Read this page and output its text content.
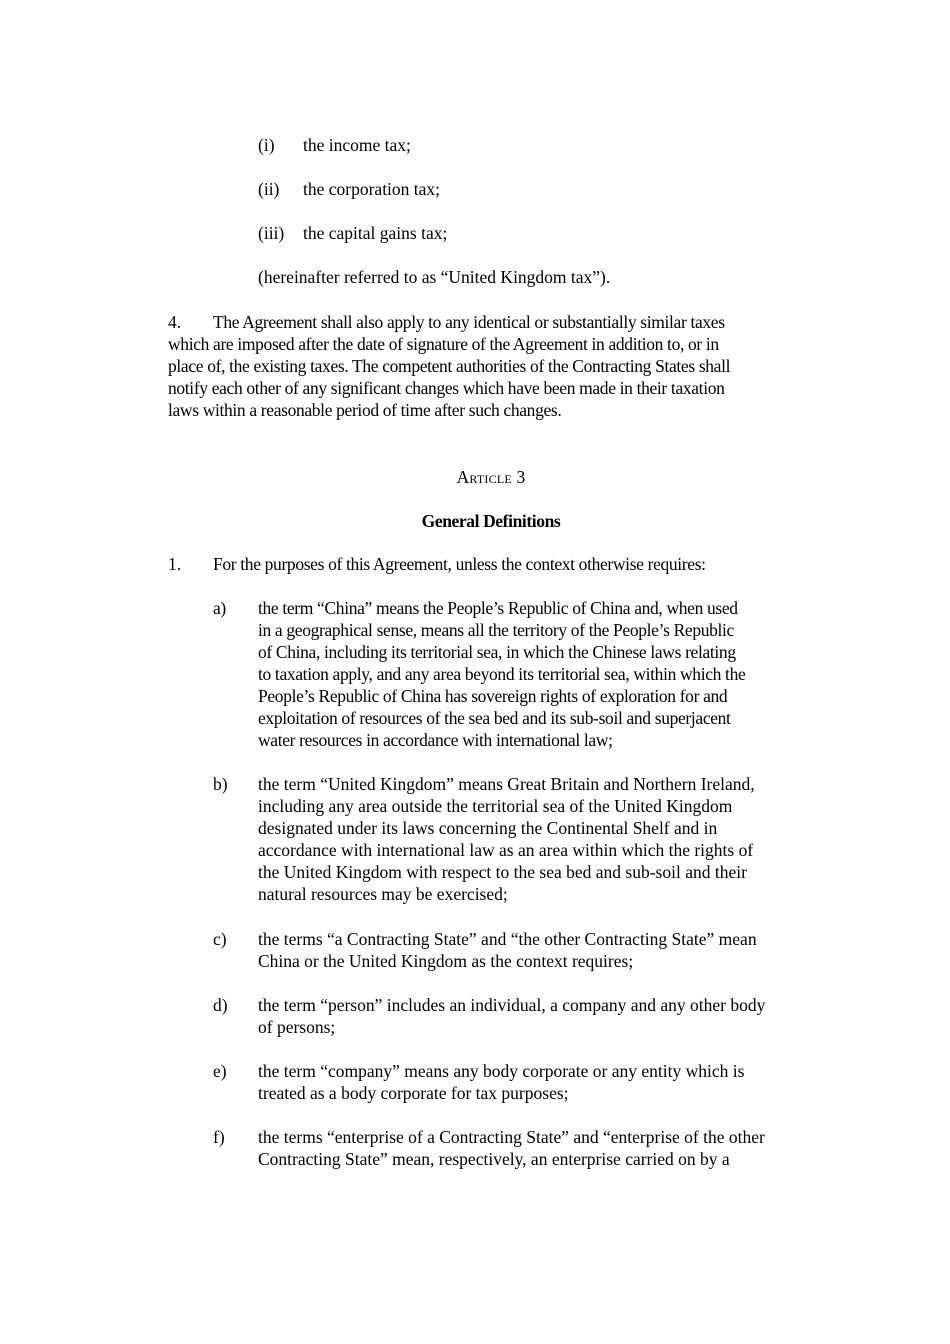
(i) the income tax;
(ii) the corporation tax;
(iii) the capital gains tax;
(hereinafter referred to as “United Kingdom tax”).
4. The Agreement shall also apply to any identical or substantially similar taxes
which are imposed after the date of signature of the Agreement in addition to, or in
place of, the existing taxes. The competent authorities of the Contracting States shall
notify each other of any significant changes which have been made in their taxation
laws within a reasonable period of time after such changes.
Article 3
General Definitions
1. For the purposes of this Agreement, unless the context otherwise requires:
a) the term “China” means the People’s Republic of China and, when used
in a geographical sense, means all the territory of the People’s Republic
of China, including its territorial sea, in which the Chinese laws relating
to taxation apply, and any area beyond its territorial sea, within which the
People’s Republic of China has sovereign rights of exploration for and
exploitation of resources of the sea bed and its sub-soil and superjacent
water resources in accordance with international law;
b) the term “United Kingdom” means Great Britain and Northern Ireland,
including any area outside the territorial sea of the United Kingdom
designated under its laws concerning the Continental Shelf and in
accordance with international law as an area within which the rights of
the United Kingdom with respect to the sea bed and sub-soil and their
natural resources may be exercised;
c) the terms “a Contracting State” and “the other Contracting State” mean
China or the United Kingdom as the context requires;
d) the term “person” includes an individual, a company and any other body
of persons;
e) the term “company” means any body corporate or any entity which is
treated as a body corporate for tax purposes;
f) the terms “enterprise of a Contracting State” and “enterprise of the other
Contracting State” mean, respectively, an enterprise carried on by a
